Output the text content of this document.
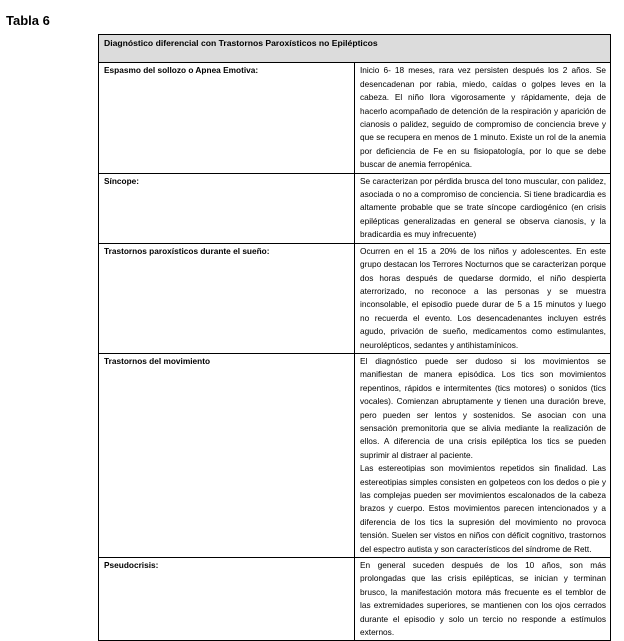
Tabla 6
Diagnóstico diferencial con Trastornos Paroxísticos no Epilépticos	
Espasmo del sollozo o Apnea Emotiva:	Inicio 6- 18 meses, rara vez persisten después los 2 años. Se desencadenan por rabia, miedo, caídas o golpes leves en la cabeza. El niño llora vigorosamente y rápidamente, deja de hacerlo acompañado de detención de la respiración y aparición de cianosis o palidez, seguido de compromiso de conciencia breve y que se recupera en menos de 1 minuto. Existe un rol de la anemia por deficiencia de Fe en su fisiopatología, por lo que se debe buscar de anemia ferropénica.

Síncope:	Se caracterizan por pérdida brusca del tono muscular, con palidez, asociada o no a compromiso de conciencia. Si tiene bradicardia es altamente probable que se trate síncope cardiogénico (en crisis epilépticas generalizadas en general se observa cianosis, y la bradicardia es muy infrecuente)

Trastornos paroxísticos durante el sueño:	Ocurren en el 15 a 20% de los niños y adolescentes. En este grupo destacan los Terrores Nocturnos que se caracterizan porque dos horas después de quedarse dormido, el niño despierta aterrorizado, no reconoce a las personas y se muestra inconsolable, el episodio puede durar de 5 a 15 minutos y luego no recuerda el evento. Los desencadenantes incluyen estrés agudo, privación de sueño, medicamentos como estimulantes, neurolépticos, sedantes y antihistamínicos.

Trastornos del movimiento	El diagnóstico puede ser dudoso si los movimientos se manifiestan de manera episódica. Los tics son movimientos repentinos, rápidos e intermitentes (tics motores) o sonidos (tics vocales). Comienzan abruptamente y tienen una duración breve, pero pueden ser lentos y sostenidos. Se asocian con una sensación premonitoria que se alivia mediante la realización de ellos. A diferencia de una crisis epiléptica los tics se pueden suprimir al distraer al paciente.

Las estereotipias son movimientos repetidos sin finalidad. Las estereotipias simples consisten en golpeteos con los dedos o pie y las complejas pueden ser movimientos escalonados de la cabeza brazos y cuerpo. Estos movimientos parecen intencionados y a diferencia de los tics la supresión del movimiento no provoca tensión. Suelen ser vistos en niños con déficit cognitivo, trastornos del espectro autista y son característicos del síndrome de Rett.

Pseudocrisis:	En general suceden después de los 10 años, son más prolongadas que las crisis epilépticas, se inician y terminan brusco, la manifestación motora más frecuente es el temblor de las extremidades superiores, se mantienen con los ojos cerrados durante el episodio y solo un tercio no responde a estímulos externos.
